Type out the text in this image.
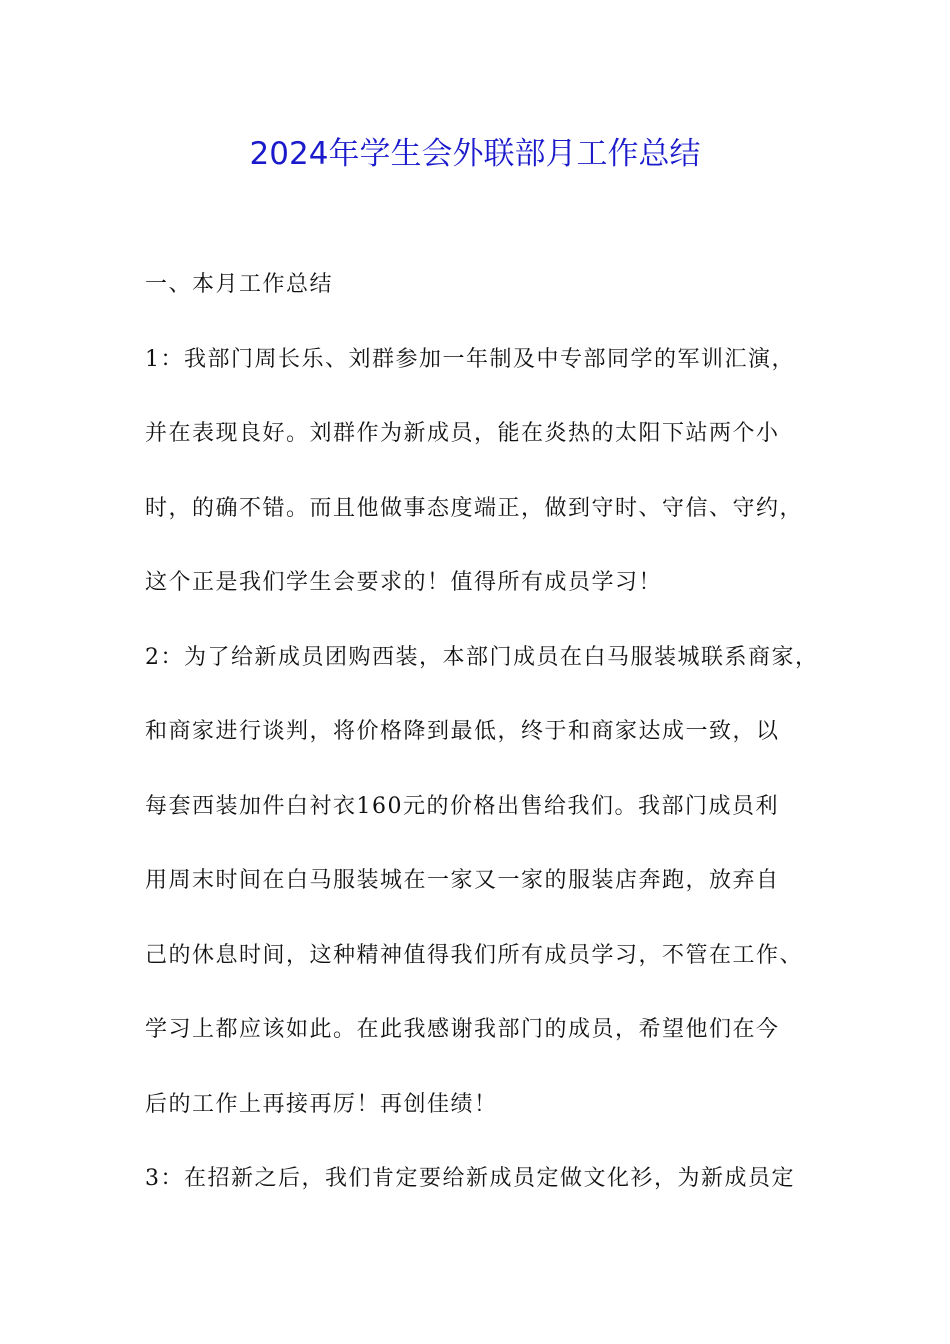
2024年学生会外联部月工作总结
一、本月工作总结
1：我部门周长乐、刘群参加一年制及中专部同学的军训汇演，
并在表现良好。刘群作为新成员，能在炎热的太阳下站两个小
时，的确不错。而且他做事态度端正，做到守时、守信、守约，
这个正是我们学生会要求的！值得所有成员学习！
2：为了给新成员团购西装，本部门成员在白马服装城联系商家，
和商家进行谈判，将价格降到最低，终于和商家达成一致，以
每套西装加件白衬衣160元的价格出售给我们。我部门成员利
用周末时间在白马服装城在一家又一家的服装店奔跑，放弃自
己的休息时间，这种精神值得我们所有成员学习，不管在工作、
学习上都应该如此。在此我感谢我部门的成员，希望他们在今
后的工作上再接再厉！再创佳绩！
3：在招新之后，我们肯定要给新成员定做文化衫，为新成员定
